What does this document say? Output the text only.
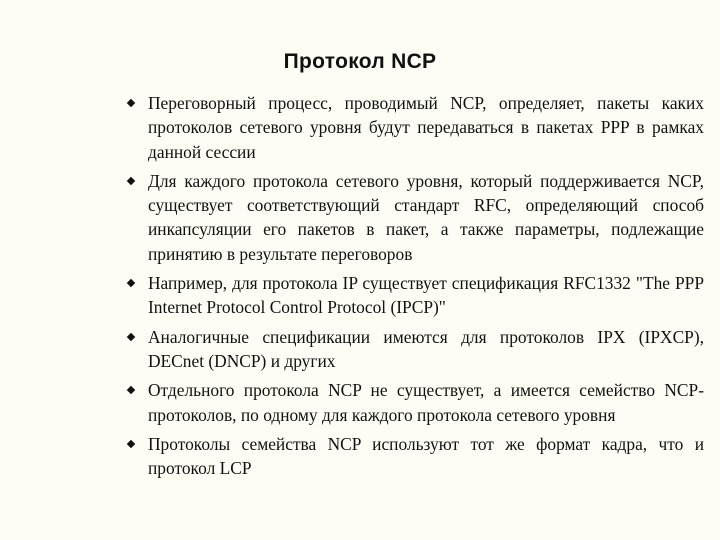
Протокол NCP
Переговорный процесс, проводимый NCP, определяет, пакеты каких протоколов сетевого уровня будут передаваться в пакетах PPP в рамках данной сессии
Для каждого протокола сетевого уровня, который поддерживается NCP, существует соответствующий стандарт RFC, определяющий способ инкапсуляции его пакетов в пакет, а также параметры, подлежащие принятию в результате переговоров
Например, для протокола IP существует спецификация RFC1332 "The PPP Internet Protocol Control Protocol (IPCP)"
Аналогичные спецификации имеются для протоколов IPX (IPXCP), DECnet (DNCP) и других
Отдельного протокола NCP не существует, а имеется семейство NCP-протоколов, по одному для каждого протокола сетевого уровня
Протоколы семейства NCP используют тот же формат кадра, что и протокол LCP
